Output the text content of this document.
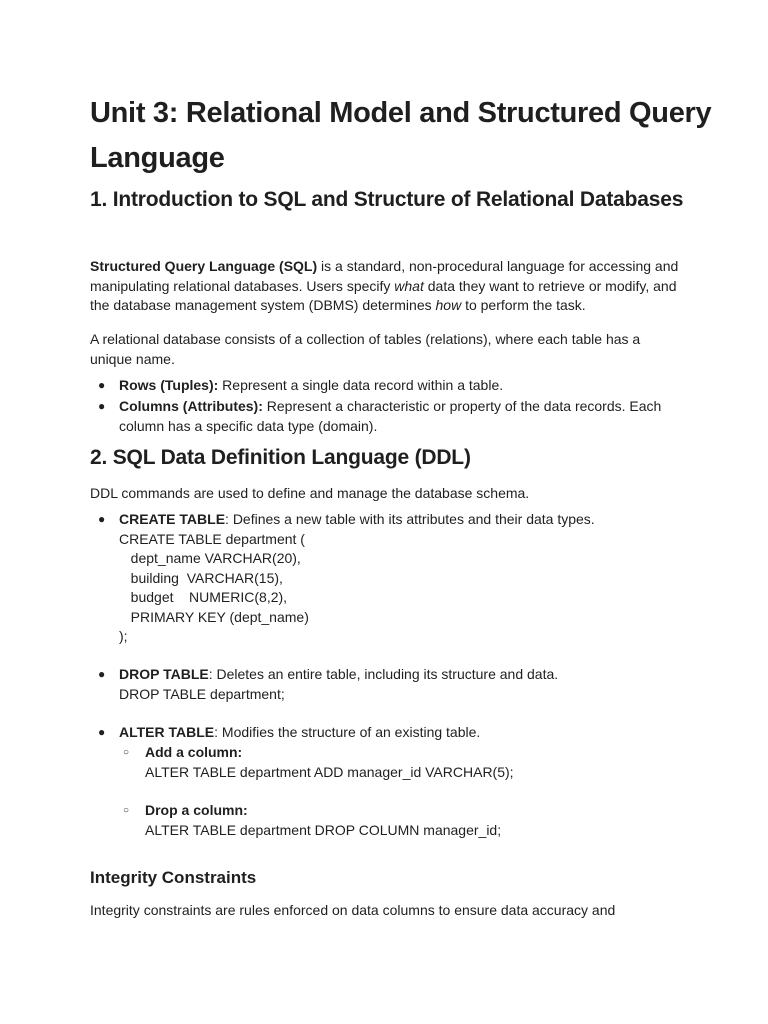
Unit 3: Relational Model and Structured Query Language
1. Introduction to SQL and Structure of Relational Databases

Structured Query Language (SQL) is a standard, non-procedural language for accessing and manipulating relational databases. Users specify what data they want to retrieve or modify, and the database management system (DBMS) determines how to perform the task.

A relational database consists of a collection of tables (relations), where each table has a unique name.

● Rows (Tuples): Represent a single data record within a table.

● Columns (Attributes): Represent a characteristic or property of the data records. Each column has a specific data type (domain).

2. SQL Data Definition Language (DDL)

DDL commands are used to define and manage the database schema.

● CREATE TABLE: Defines a new table with its attributes and their data types.
CREATE TABLE department (
dept_name VARCHAR(20),
building  VARCHAR(15),
budget    NUMERIC(8,2),
PRIMARY KEY (dept_name)
);
● DROP TABLE: Deletes an entire table, including its structure and data.
DROP TABLE department;
● ALTER TABLE: Modifies the structure of an existing table.
○ Add a column:
ALTER TABLE department ADD manager_id VARCHAR(5);
○ Drop a column:
ALTER TABLE department DROP COLUMN manager_id;
Integrity Constraints

Integrity constraints are rules enforced on data columns to ensure data accuracy and
